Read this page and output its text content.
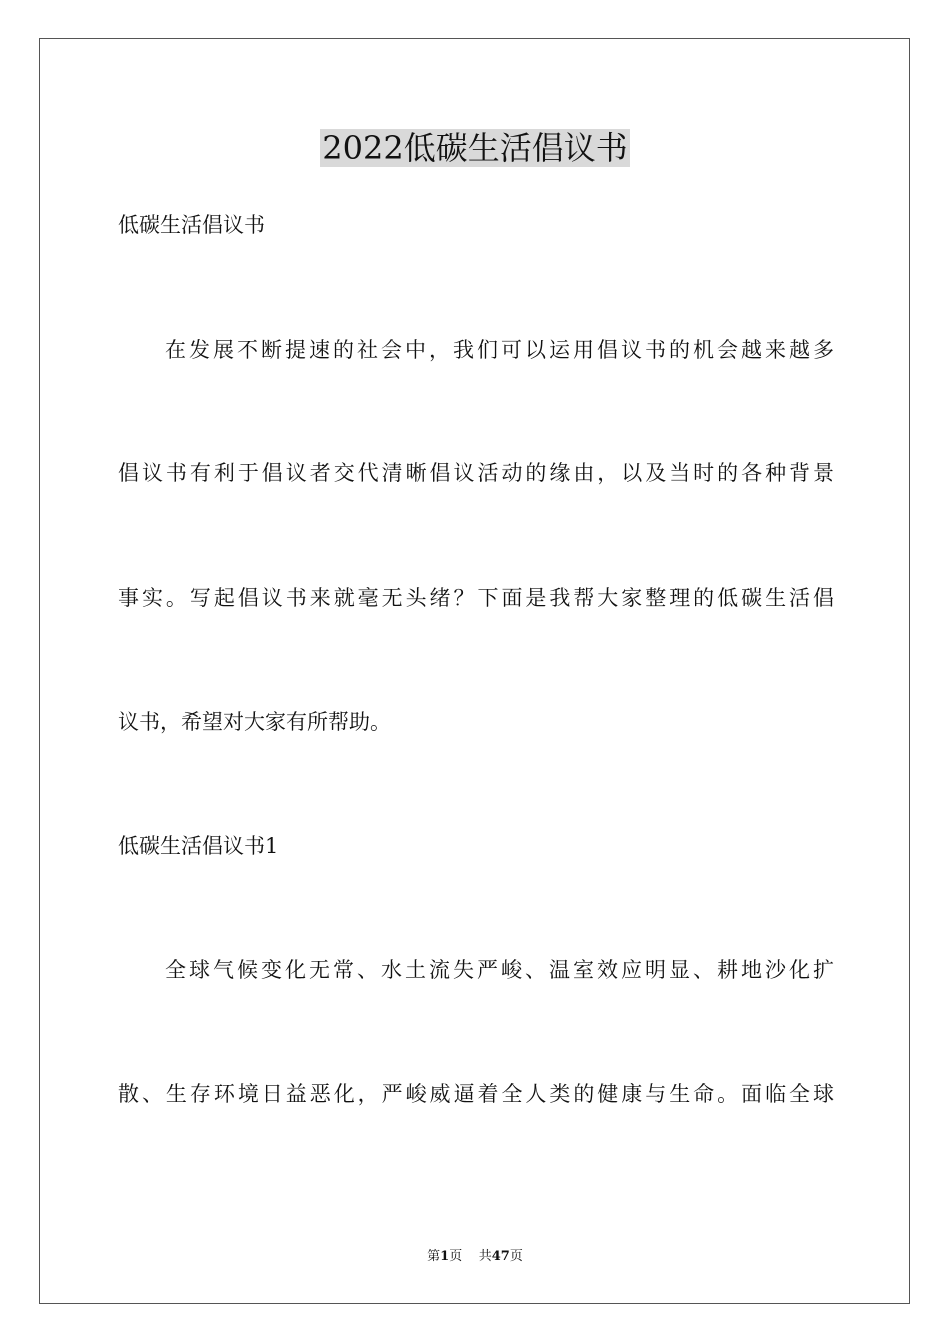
2022低碳生活倡议书

低碳生活倡议书

在发展不断提速的社会中，我们可以运用倡议书的机会越来越多

倡议书有利于倡议者交代清晰倡议活动的缘由，以及当时的各种背景

事实。写起倡议书来就毫无头绪？下面是我帮大家整理的低碳生活倡

议书，希望对大家有所帮助。

低碳生活倡议书1

全球气候变化无常、水土流失严峻、温室效应明显、耕地沙化扩

散、生存环境日益恶化，严峻威逼着全人类的健康与生命。面临全球

第1页 共47页
